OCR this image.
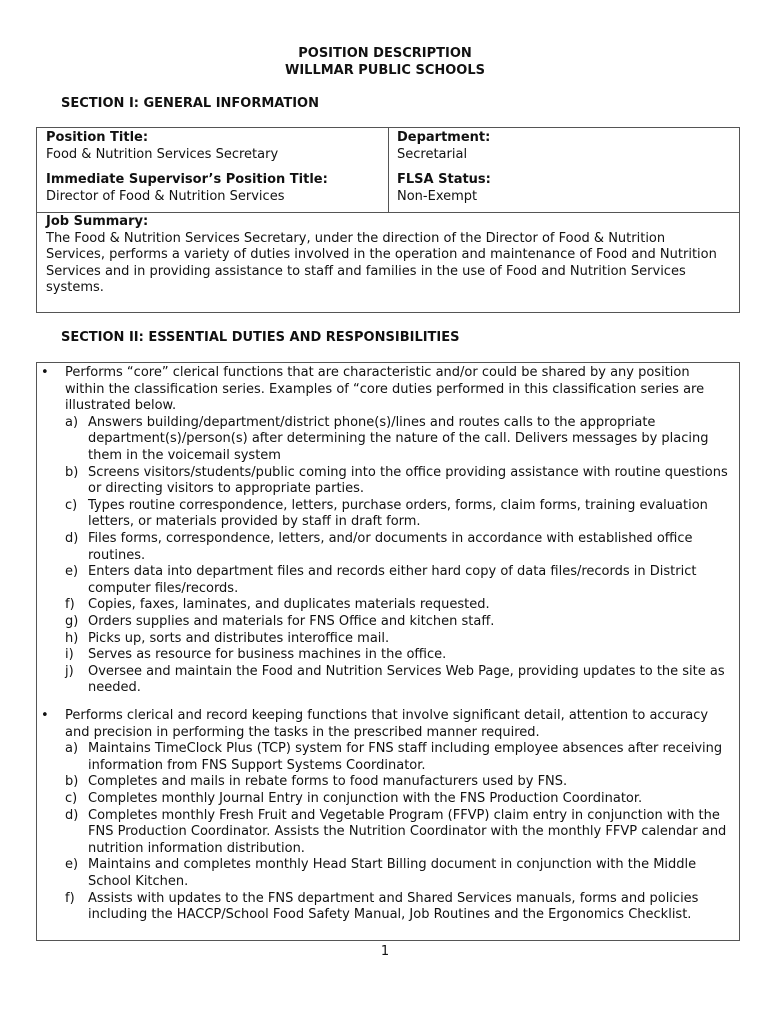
POSITION DESCRIPTION
WILLMAR PUBLIC SCHOOLS
SECTION I: GENERAL INFORMATION
Position Title:
Food & Nutrition Services Secretary
Department:
Secretarial
Immediate Supervisor’s Position Title:
Director of Food & Nutrition Services
FLSA Status:
Non-Exempt
Job Summary:
The Food & Nutrition Services Secretary, under the direction of the Director of Food & Nutrition Services, performs a variety of duties involved in the operation and maintenance of Food and Nutrition Services and in providing assistance to staff and families in the use of Food and Nutrition Services systems.
SECTION II: ESSENTIAL DUTIES AND RESPONSIBILITIES
• Performs “core” clerical functions that are characteristic and/or could be shared by any position within the classification series. Examples of “core duties performed in this classification series are illustrated below.
a) Answers building/department/district phone(s)/lines and routes calls to the appropriate department(s)/person(s) after determining the nature of the call. Delivers messages by placing them in the voicemail system
b) Screens visitors/students/public coming into the office providing assistance with routine questions or directing visitors to appropriate parties.
c) Types routine correspondence, letters, purchase orders, forms, claim forms, training evaluation letters, or materials provided by staff in draft form.
d) Files forms, correspondence, letters, and/or documents in accordance with established office routines.
e) Enters data into department files and records either hard copy of data files/records in District computer files/records.
f) Copies, faxes, laminates, and duplicates materials requested.
g) Orders supplies and materials for FNS Office and kitchen staff.
h) Picks up, sorts and distributes interoffice mail.
i) Serves as resource for business machines in the office.
j) Oversee and maintain the Food and Nutrition Services Web Page, providing updates to the site as needed.
• Performs clerical and record keeping functions that involve significant detail, attention to accuracy and precision in performing the tasks in the prescribed manner required.
a) Maintains TimeClock Plus (TCP) system for FNS staff including employee absences after receiving information from FNS Support Systems Coordinator.
b) Completes and mails in rebate forms to food manufacturers used by FNS.
c) Completes monthly Journal Entry in conjunction with the FNS Production Coordinator.
d) Completes monthly Fresh Fruit and Vegetable Program (FFVP) claim entry in conjunction with the FNS Production Coordinator. Assists the Nutrition Coordinator with the monthly FFVP calendar and nutrition information distribution.
e) Maintains and completes monthly Head Start Billing document in conjunction with the Middle School Kitchen.
f) Assists with updates to the FNS department and Shared Services manuals, forms and policies including the HACCP/School Food Safety Manual, Job Routines and the Ergonomics Checklist.
1
